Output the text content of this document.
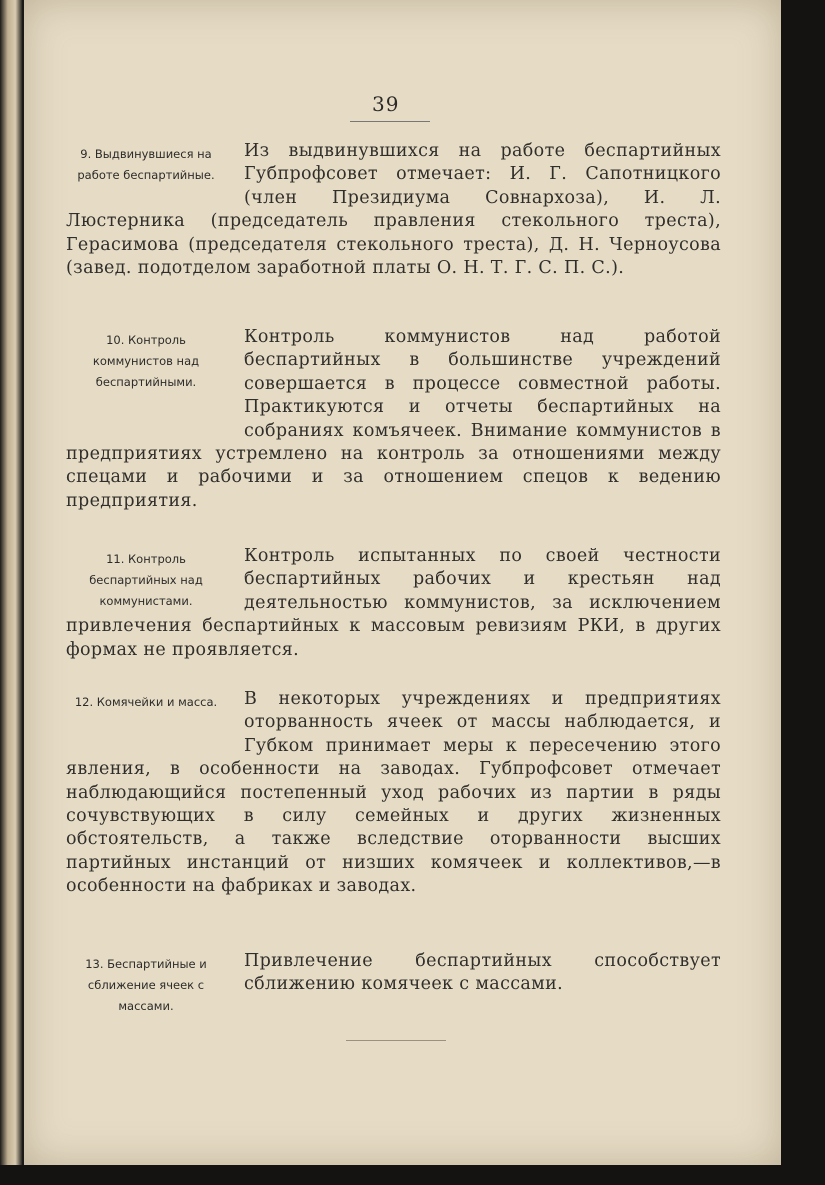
39
9. Выдвинувшиеся на работе беспартийные.
Из выдвинувшихся на работе беспартийных Губпрофсовет отмечает: И. Г. Сапотницкого (член Президиума Совнархоза), И. Л. Люстерника (председатель правления стекольного треста), Герасимова (председателя стекольного треста), Д. Н. Черноусова (завед. подотделом заработной платы О. Н. Т. Г. С. П. С.).
10. Контроль коммунистов над беспартийными.
Контроль коммунистов над работой беспартийных в большинстве учреждений совершается в процессе совместной работы. Практикуются и отчеты беспартийных на собраниях комъячеек. Внимание коммунистов в предприятиях устремлено на контроль за отношениями между спецами и рабочими и за отношением спецов к ведению предприятия.
11. Контроль беспартийных над коммунистами.
Контроль испытанных по своей честности беспартийных рабочих и крестьян над деятельностью коммунистов, за исключением привлечения беспартийных к массовым ревизиям РКИ, в других формах не проявляется.
12. Комячейки и масса.	В некоторых учреждениях и предприятиях оторванность ячеек от массы наблюдается, и Губком принимает меры к пересечению этого явления, в особенности на заводах. Губпрофсовет отмечает наблюдающийся постепенный уход рабочих из партии в ряды сочувствующих в силу семейных и других жизненных обстоятельств, а также вследствие оторванности высших партийных инстанций от низших комячеек и коллективов,—в особенности на фабриках и заводах.
13. Беспартийные и сближение ячеек с массами.
Привлечение беспартийных способствует сближению комячеек с массами.
